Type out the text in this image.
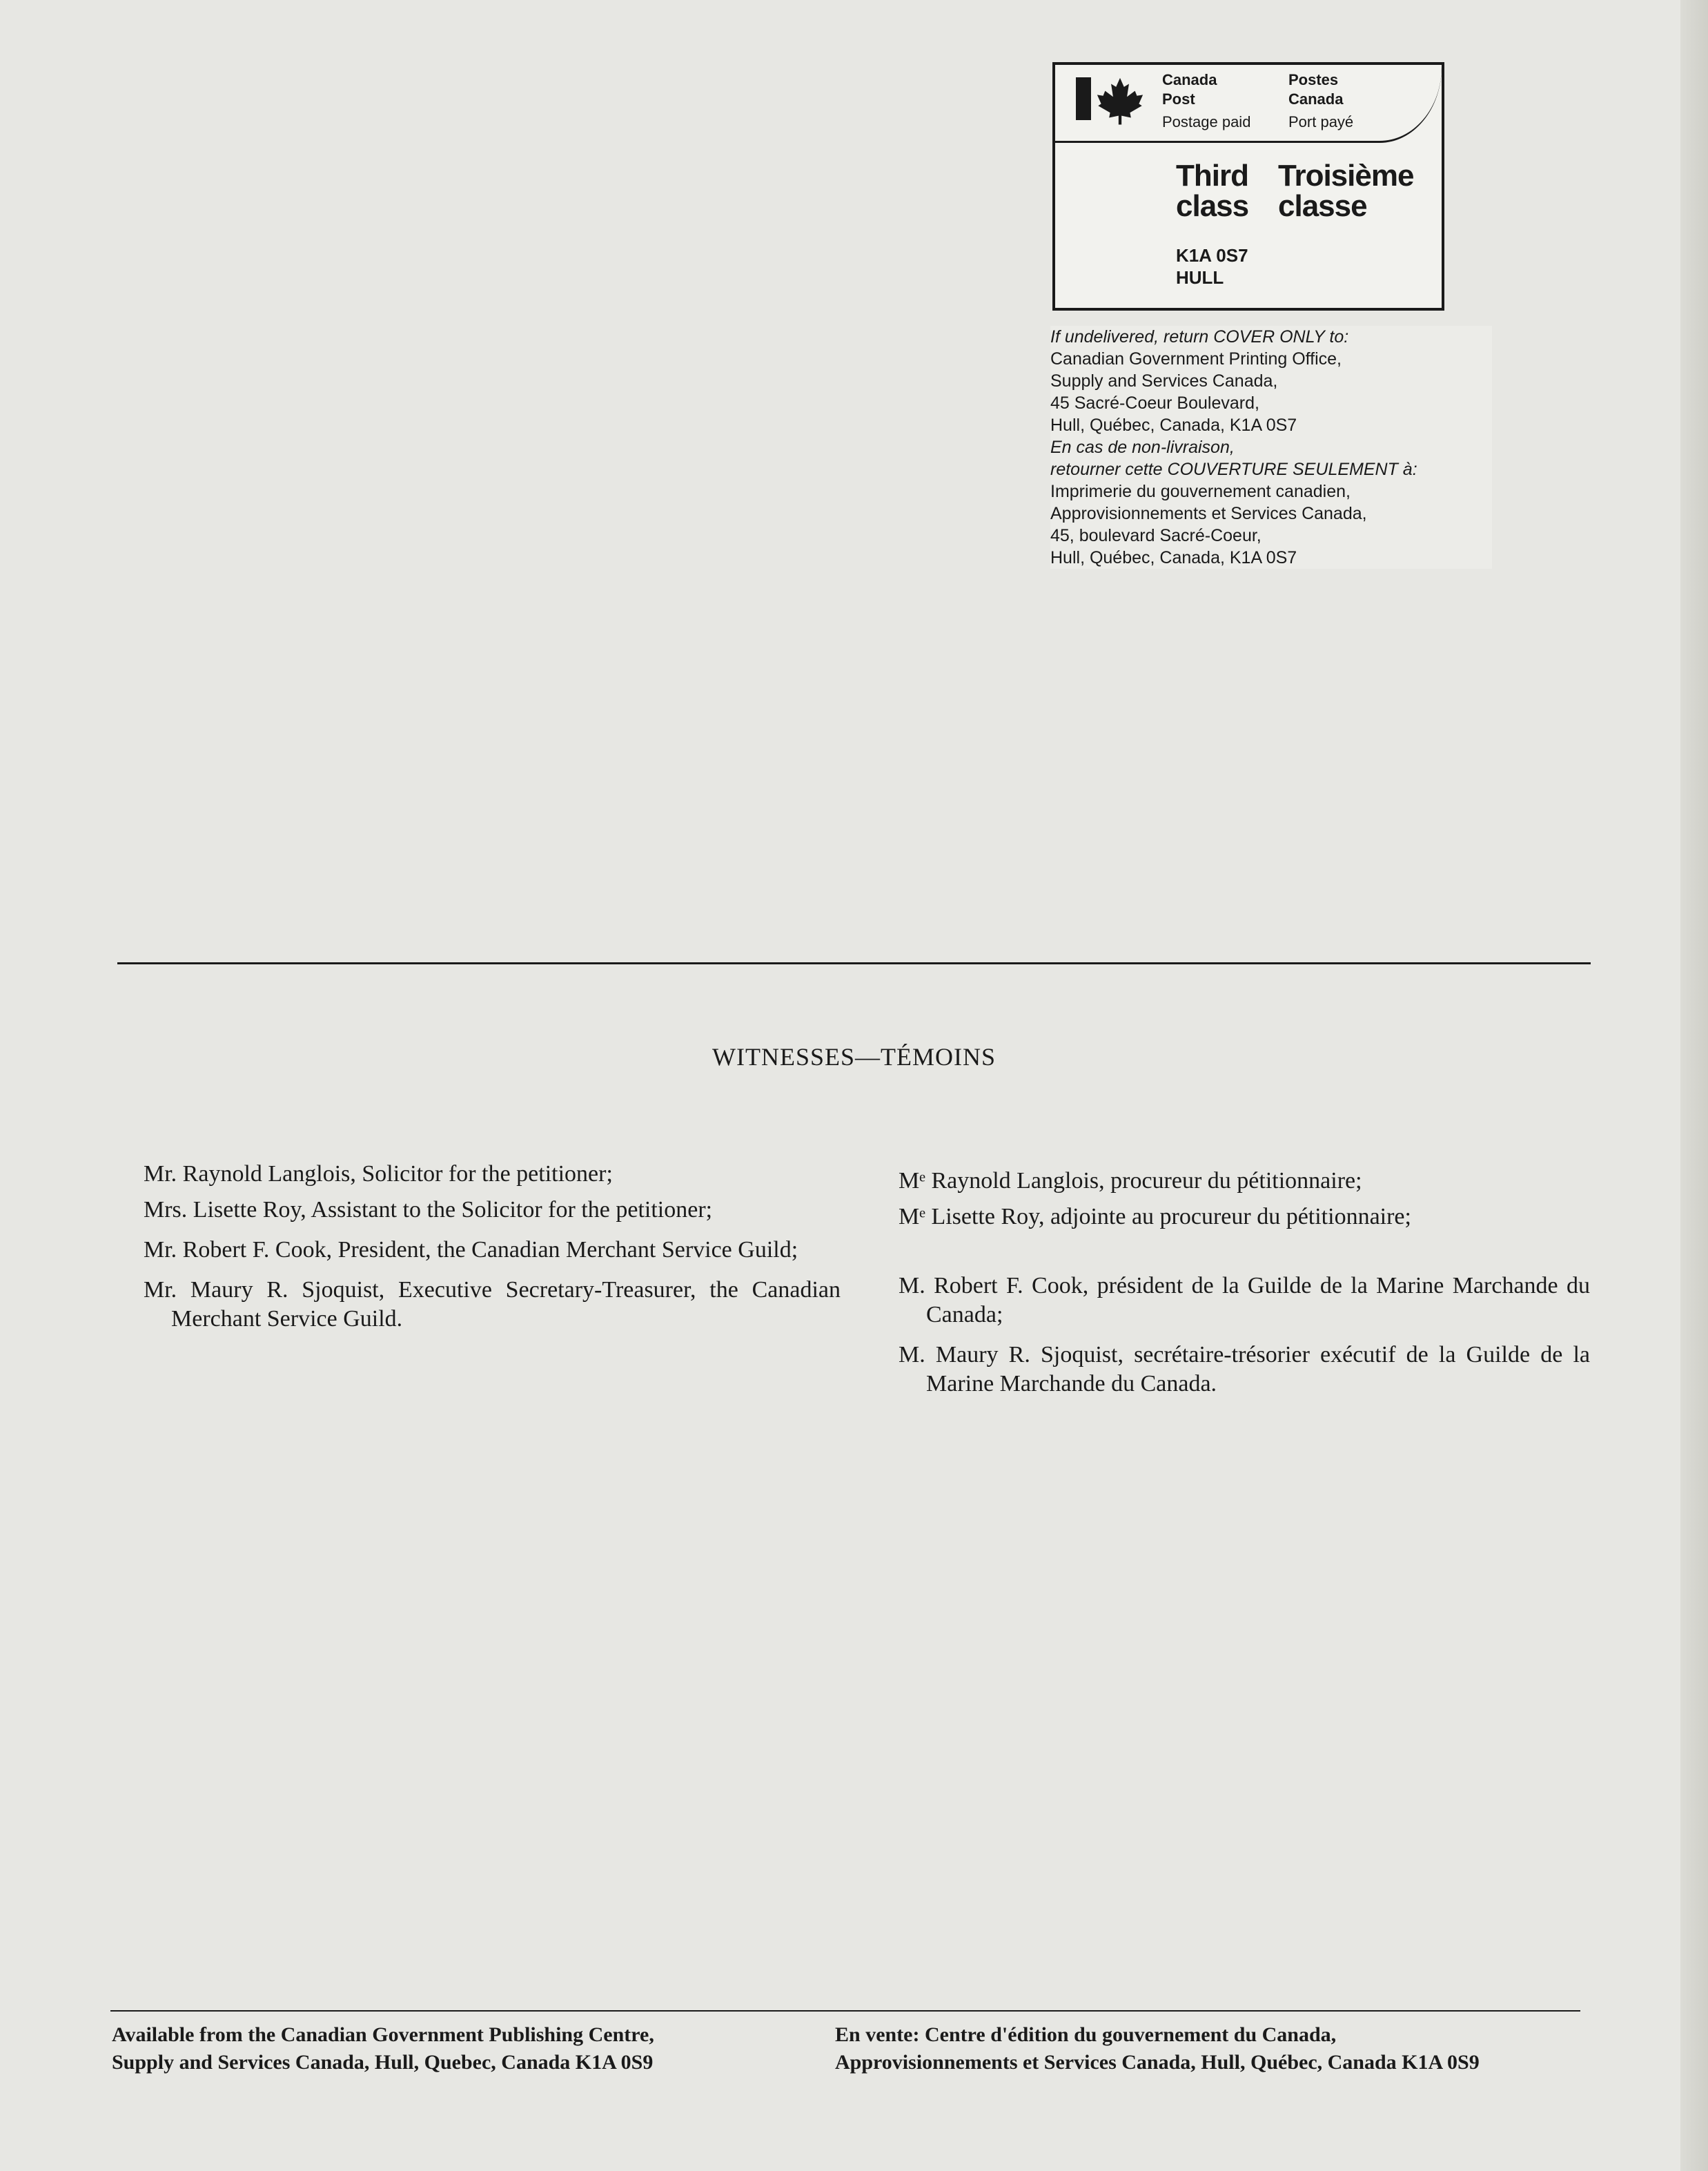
Canada
Post
Postage paid
Postes
Canada
Port payé
Third
class
Troisième
classe
K1A 0S7
HULL
If undelivered, return COVER ONLY to:
Canadian Government Printing Office,
Supply and Services Canada,
45 Sacré-Coeur Boulevard,
Hull, Québec, Canada, K1A 0S7
En cas de non-livraison,
retourner cette COUVERTURE SEULEMENT à:
Imprimerie du gouvernement canadien,
Approvisionnements et Services Canada,
45, boulevard Sacré-Coeur,
Hull, Québec, Canada, K1A 0S7
WITNESSES—TÉMOINS
Mr. Raynold Langlois, Solicitor for the petitioner;
Mrs. Lisette Roy, Assistant to the Solicitor for the petitioner;
Mr. Robert F. Cook, President, the Canadian Merchant Service Guild;
Mr. Maury R. Sjoquist, Executive Secretary-Treasurer, the Canadian Merchant Service Guild.
Mᵉ Raynold Langlois, procureur du pétitionnaire;
Mᵉ Lisette Roy, adjointe au procureur du pétitionnaire;
M. Robert F. Cook, président de la Guilde de la Marine Marchande du Canada;
M. Maury R. Sjoquist, secrétaire-trésorier exécutif de la Guilde de la Marine Marchande du Canada.
Available from the Canadian Government Publishing Centre,
Supply and Services Canada, Hull, Quebec, Canada K1A 0S9
En vente: Centre d'édition du gouvernement du Canada,
Approvisionnements et Services Canada, Hull, Québec, Canada K1A 0S9
